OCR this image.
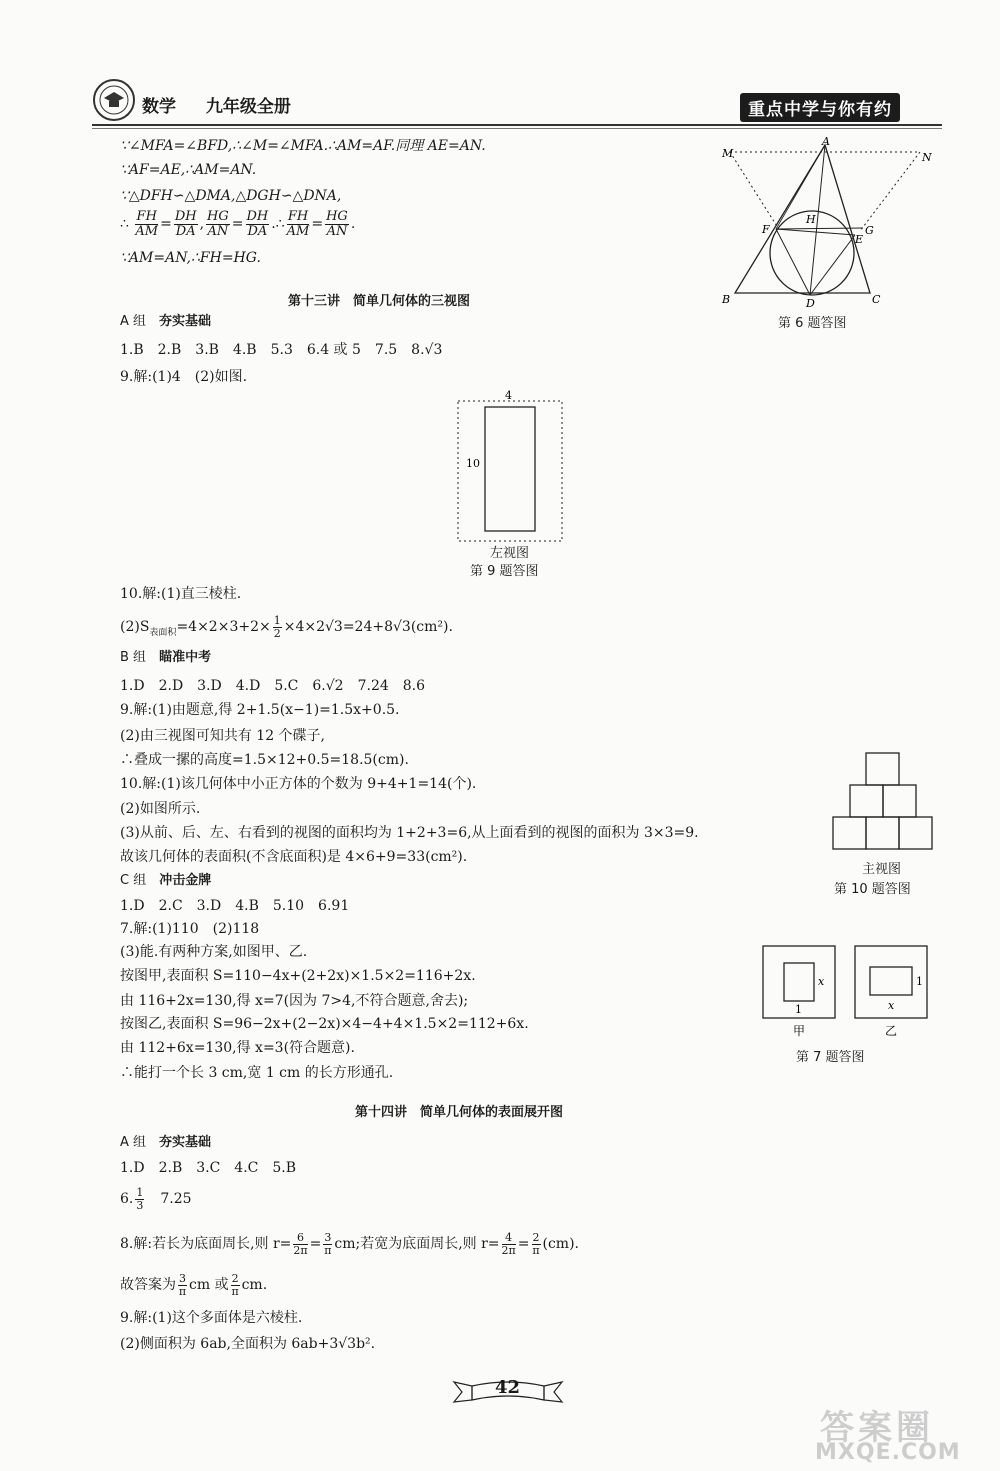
数学 九年级全册	重点中学与你有约
∵∠MFA=∠BFD,∴∠M=∠MFA.∴AM=AF.同理 AE=AN.
∵AF=AE,∴AM=AN.
∵△DFH∽△DMA,△DGH∽△DNA,
∴ $\frac{FH}{AM} = \frac{DH}{DA}$ , $\frac{HG}{AN} = \frac{DH}{DA}$ .∴ $\frac{FH}{AM} = \frac{HG}{AN}$ .
∵AM=AN,∴FH=HG.
M
A
N
H
F
E
G
B	D	C
第 6 题答图
第十三讲　简单几何体的三视图
A 组　 夯实基础
1.B　2.B　3.B　4.B　5.3　6.4 或 5　7.5　8.√3
9.解:(1)4　(2)如图.
4
10
左视图
第 9 题答图
10.解:(1)直三棱柱.
$(2)S_{表面积}=4\times 2\times 3+2\times \frac{1}{2} \times 4\times 2√3=24+8√3(cm^2)$.
B 组　 瞄准中考
1.D　2.D　3.D　4.D　5.C　6.√2　7.24　8.6
9.解:(1)由题意,得 2+1.5(x−1)=1.5x+0.5.
(2)由三视图可知共有 12 个碟子,
∴叠成一摞的高度=1.5×12+0.5=18.5(cm).
10.解:(1)该几何体中小正方体的个数为 9+4+1=14(个).
(2)如图所示.
(3)从前、后、左、右看到的视图的面积均为 1+2+3=6,从上面看到的视图的面积为 3×3=9.
故该几何体的表面积(不含底面积)是 4×6+9=33(cm²).
主视图
第 10 题答图
C 组　 冲击金牌
1.D　2.C　3.D　4.B　5.10　6.91
7.解:(1)110　(2)118
(3)能.有两种方案,如图甲、乙.
按图甲,表面积 S=110−4x+(2+2x)×1.5×2=116+2x.
由 116+2x=130,得 x=7(因为 7>4,不符合题意,舍去);
按图乙,表面积 S=96−2x+(2−2x)×4−4+4×1.5×2=112+6x.
由 112+6x=130,得 x=3(符合题意).
∴能打一个长 3 cm,宽 1 cm 的长方形通孔.
x
1
甲
1
x
乙
第 7 题答图
第十四讲　简单几何体的表面展开图
A 组　 夯实基础
1.D　2.B　3.C　4.C　5.B
6. $\frac{1}{3}$
　 7.25
8.解:若长为底面周长,则 $r= \frac{6}{2\pi} = \frac{3}{\pi}$ cm;若宽为底面周长,则 $r= \frac{4}{2\pi} = \frac{2}{\pi} (cm)$.
故答案为 $\frac{3}{\pi}$ cm 或 $\frac{2}{\pi}$ cm.
9.解:(1)这个多面体是六棱柱.
(2)侧面积为 6ab,全面积为 6ab+3√3b².
42
答案圈
MXQE.COM
